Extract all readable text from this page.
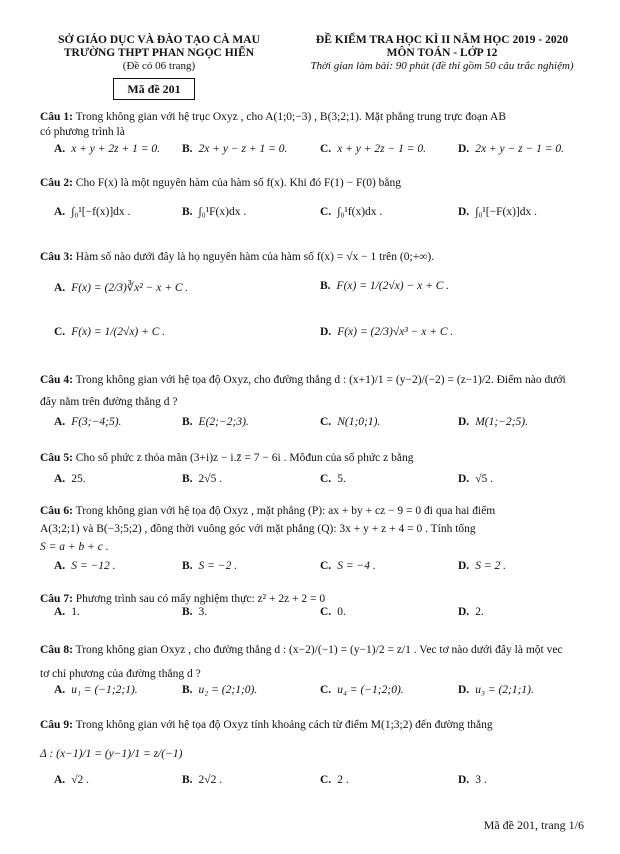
SỞ GIÁO DỤC VÀ ĐÀO TẠO CÀ MAU
TRƯỜNG THPT PHAN NGỌC HIỂN
(Đề có 06 trang)
Mã đề 201
ĐỀ KIỂM TRA HỌC KÌ II NĂM HỌC 2019 - 2020
MÔN TOÁN - LỚP 12
Thời gian làm bài: 90 phút (đề thi gồm 50 câu trắc nghiệm)
Câu 1: Trong không gian với hệ trục Oxyz , cho A(1;0;−3) , B(3;2;1). Mặt phẳng trung trực đoạn AB
có phương trình là
A. x + y + 2z + 1 = 0. B. 2x + y − z + 1 = 0.	C. x + y + 2z − 1 = 0.	D. 2x + y − z − 1 = 0.
Câu 2: Cho F(x) là một nguyên hàm của hàm số f(x). Khi đó F(1) − F(0) bằng
A. ∫₀¹[−f(x)]dx .	B. ∫₀¹F(x)dx .	C. ∫₀¹f(x)dx .	D. ∫₀¹[−F(x)]dx .
Câu 3: Hàm số nào dưới đây là họ nguyên hàm của hàm số f(x) = √x − 1 trên (0;+∞).
A. F(x) = (2/3)∛x² − x + C .	B. F(x) = 1/(2√x) − x + C .
C. F(x) = 1/(2√x) + C .	D. F(x) = (2/3)√x³ − x + C .
Câu 4: Trong không gian với hệ tọa độ Oxyz, cho đường thẳng d : (x+1)/1 = (y−2)/(−2) = (z−1)/2. Điểm nào dưới
đây nằm trên đường thẳng d ?
A. F(3;−4;5).	B. E(2;−2;3).	C. N(1;0;1).	D. M(1;−2;5).
Câu 5: Cho số phức z thỏa mãn (3+i)z − i.z̄ = 7 − 6i . Môđun của số phức z bằng
A. 25.	B. 2√5 .	C. 5.	D. √5 .
Câu 6: Trong không gian với hệ tọa độ Oxyz , mặt phẳng (P): ax + by + cz − 9 = 0 đi qua hai điểm
A(3;2;1) và B(−3;5;2) , đồng thời vuông góc với mặt phẳng (Q): 3x + y + z + 4 = 0 . Tính tổng
S = a + b + c .
A. S = −12 .	B. S = −2 .	C. S = −4 .	D. S = 2 .
Câu 7: Phương trình sau có mấy nghiệm thực: z² + 2z + 2 = 0
A. 1.	B. 3.	C. 0.	D. 2.
Câu 8: Trong không gian Oxyz , cho đường thẳng d : (x−2)/(−1) = (y−1)/2 = z/1 . Vec tơ nào dưới đây là một vec
tơ chỉ phương của đường thẳng d ?
A. u₁ = (−1;2;1).	B. u₂ = (2;1;0).	C. u₄ = (−1;2;0).	D. u₃ = (2;1;1).
Câu 9: Trong không gian với hệ tọa độ Oxyz tính khoảng cách từ điểm M(1;3;2) đến đường thẳng
Δ : (x−1)/1 = (y−1)/1 = z/(−1)
A. √2 .	B. 2√2 .	C. 2 .	D. 3 .
Mã đề 201, trang 1/6
